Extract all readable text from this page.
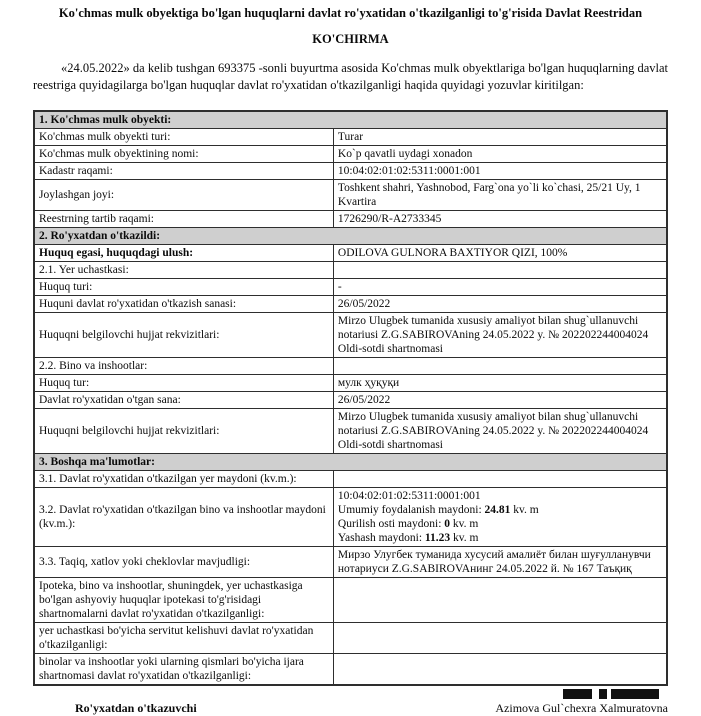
Ko'chmas mulk obyektiga bo'lgan huquqlarni davlat ro'yxatidan o'tkazilganligi to'g'risida Davlat Reestridan
KO'CHIRMA

«24.05.2022» da kelib tushgan 693375 -sonli buyurtma asosida Ko'chmas mulk obyektlariga bo'lgan huquqlarning davlat reestriga quyidagilarga bo'lgan huquqlar davlat ro'yxatidan o'tkazilganligi haqida quyidagi yozuvlar kiritilgan:

1. Ko'chmas mulk obyekti:	
Ko'chmas mulk obyekti turi:	Turar
Ko'chmas mulk obyektining nomi:	Ko`p qavatli uydagi xonadon
Kadastr raqami:	10:04:02:01:02:5311:0001:001
Joylashgan joyi:	Toshkent shahri, Yashnobod, Farg`ona yo`li ko`chasi, 25/21 Uy, 1 Kvartira
Reestrning tartib raqami:	1726290/R-A2733345
2. Ro'yxatdan o'tkazildi:	
Huquq egasi, huquqdagi ulush:	ODILOVA GULNORA BAXTIYOR QIZI, 100%
2.1. Yer uchastkasi:	
Huquq turi:	-
Huquni davlat ro'yxatidan o'tkazish sanasi:	26/05/2022
Huquqni belgilovchi hujjat rekvizitlari:	Mirzo Ulugbek tumanida xususiy amaliyot bilan shug`ullanuvchi notariusi Z.G.SABIROVAning 24.05.2022 y. № 202202244004024 Oldi-sotdi shartnomasi
2.2. Bino va inshootlar:	
Huquq tur:	мулк ҳуқуқи
Davlat ro'yxatidan o'tgan sana:	26/05/2022
Huquqni belgilovchi hujjat rekvizitlari:	Mirzo Ulugbek tumanida xususiy amaliyot bilan shug`ullanuvchi notariusi Z.G.SABIROVAning 24.05.2022 y. № 202202244004024 Oldi-sotdi shartnomasi
3. Boshqa ma'lumotlar:	
3.1. Davlat ro'yxatidan o'tkazilgan yer maydoni (kv.m.):	
3.2. Davlat ro'yxatidan o'tkazilgan bino va inshootlar maydoni (kv.m.):	10:04:02:01:02:5311:0001:001
Umumiy foydalanish maydoni: 24.81 kv. m
Qurilish osti maydoni: 0 kv. m
Yashash maydoni: 11.23 kv. m

3.3. Taqiq, xatlov yoki cheklovlar mavjudligi:	Мирзо Улугбек туманида хусусий амалиёт билан шуғулланувчи нотариуси Z.G.SABIROVAнинг 24.05.2022 й. № 167 Таъқиқ
Ipoteka, bino va inshootlar, shuningdek, yer uchastkasiga bo'lgan ashyoviy huquqlar ipotekasi to'g'risidagi shartnomalarni davlat ro'yxatidan o'tkazilganligi:	
yer uchastkasi bo'yicha servitut kelishuvi davlat ro'yxatidan o'tkazilganligi:	
binolar va inshootlar yoki ularning qismlari bo'yicha ijara shartnomasi davlat ro'yxatidan o'tkazilganligi:	
Ro'yxatdan o'tkazuvchi	Azimova Gul`chexra Xalmuratovna
